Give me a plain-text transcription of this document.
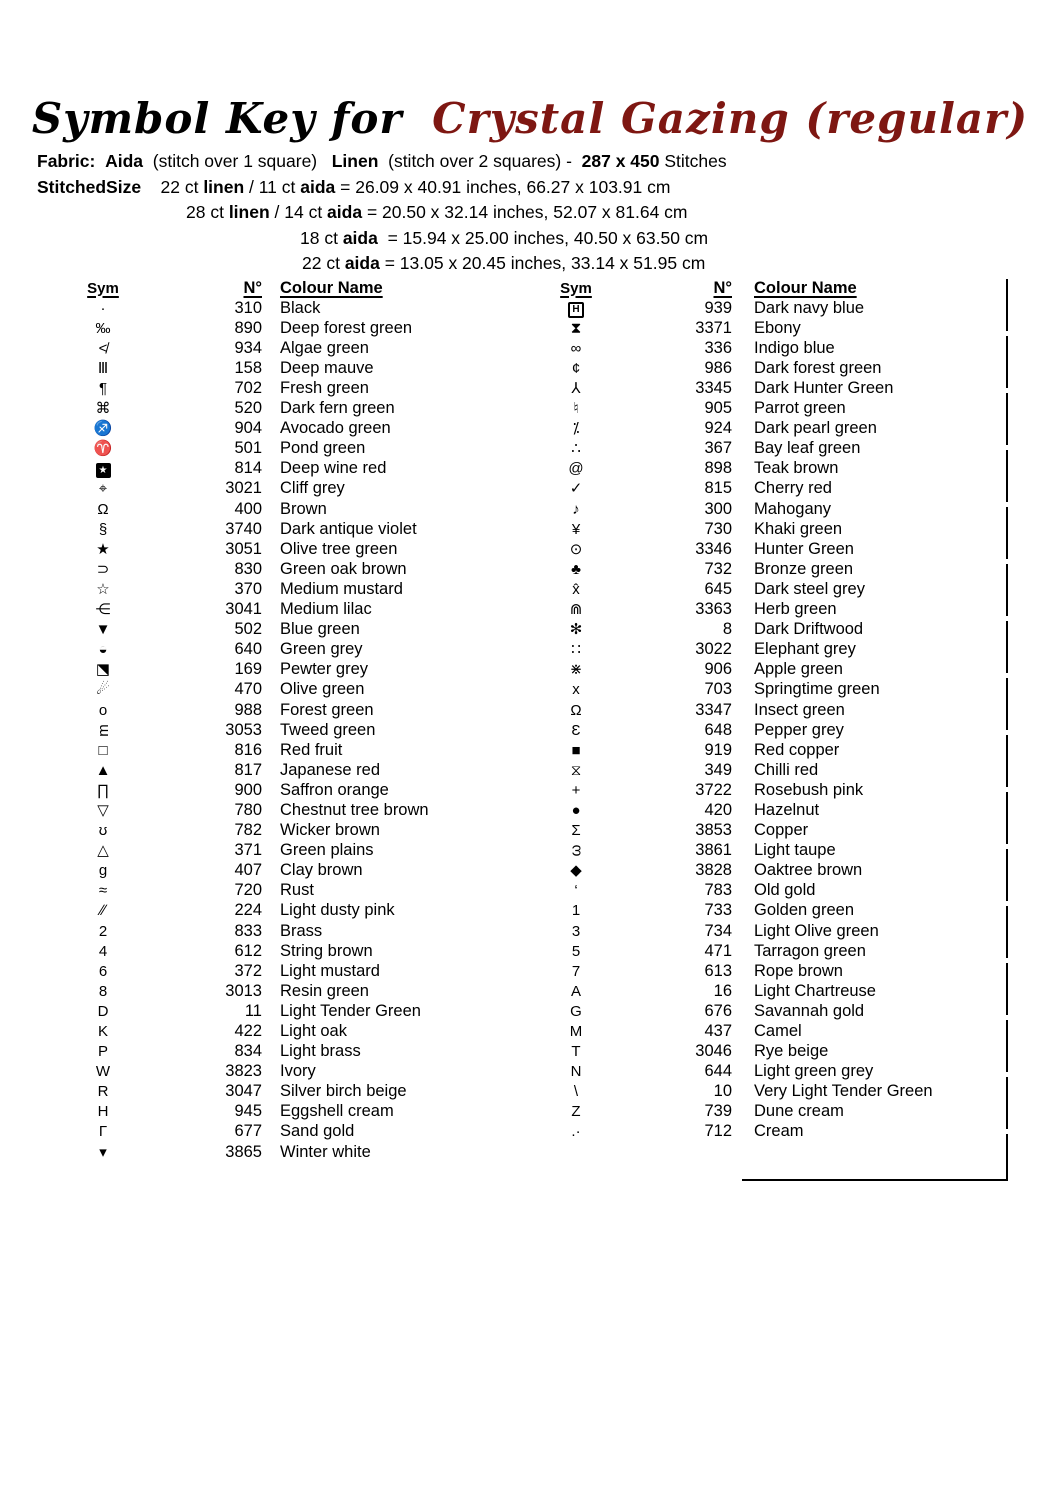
Symbol Key for Crystal Gazing (regular)
Fabric: Aida  (stitch over 1 square)   Linen  (stitch over 2 squares) -  287 x 450 Stitches
StitchedSize    22 ct linen / 11 ct aida = 26.09 x 40.91 inches, 66.27 x 103.91 cm
28 ct linen / 14 ct aida = 20.50 x 32.14 inches, 52.07 x 81.64 cm
18 ct aida  = 15.94 x 25.00 inches, 40.50 x 63.50 cm
22 ct aida = 13.05 x 20.45 inches, 33.14 x 51.95 cm
Sym	N°	Colour Name
·	310	Black
‰	890	Deep forest green
≮	934	Algae green
Ⅲ	158	Deep mauve
¶	702	Fresh green
⌘	520	Dark fern green
♐	904	Avocado green
♈	501	Pond green
★	814	Deep wine red
⌖	3021	Cliff grey
Ω	400	Brown
§	3740	Dark antique violet
★	3051	Olive tree green
⊃	830	Green oak brown
☆	370	Medium mustard
⋲	3041	Medium lilac
▼	502	Blue green
◒	640	Green grey
⬔	169	Pewter grey
☄	470	Olive green
o	988	Forest green
m	3053	Tweed green
□	816	Red fruit
▲	817	Japanese red
∏	900	Saffron orange
▽	780	Chestnut tree brown
ʊ	782	Wicker brown
△	371	Green plains
g	407	Clay brown
≈	720	Rust
∕∕	224	Light dusty pink
2	833	Brass
4	612	String brown
6	372	Light mustard
8	3013	Resin green
D	11	Light Tender Green
K	422	Light oak
P	834	Light brass
W	3823	Ivory
R	3047	Silver birch beige
H	945	Eggshell cream
Γ	677	Sand gold
▾	3865	Winter white
Sym	N°	Colour Name
H	939	Dark navy blue
⧗	3371	Ebony
∞	336	Indigo blue
¢	986	Dark forest green
⅄	3345	Dark Hunter Green
♮	905	Parrot green
⁒	924	Dark pearl green
∴	367	Bay leaf green
@	898	Teak brown
✓	815	Cherry red
♪	300	Mahogany
¥	730	Khaki green
⊙	3346	Hunter Green
♣	732	Bronze green
x̂	645	Dark steel grey
⋒	3363	Herb green
✻	8	Dark Driftwood
∷	3022	Elephant grey
⋇	906	Apple green
x	703	Springtime green
Ω	3347	Insect green
Ɛ	648	Pepper grey
■	919	Red copper
⧖	349	Chilli red
+	3722	Rosebush pink
●	420	Hazelnut
Σ	3853	Copper
ω	3861	Light taupe
◆	3828	Oaktree brown
‘	783	Old gold
1	733	Golden green
3	734	Light Olive green
5	471	Tarragon green
7	613	Rope brown
A	16	Light Chartreuse
G	676	Savannah gold
M	437	Camel
T	3046	Rye beige
N	644	Light green grey
\	10	Very Light Tender Green
Z	739	Dune cream
.·	712	Cream
